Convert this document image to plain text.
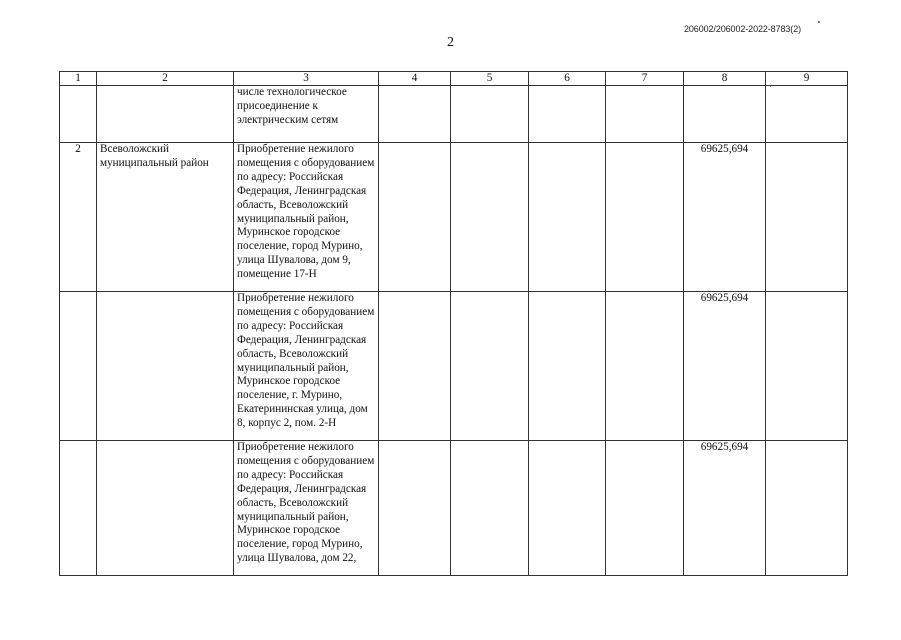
206002/206002-2022-8783(2)
2
1	2	3	4	5	6	7	8	9
		числе технологическое присоединение к электрическим сетям						
2	Всеволожский муниципальный район	Приобретение нежилого помещения с оборудованием по адресу: Российская Федерация, Ленинградская область, Всеволожский муниципальный район, Муринское городское поселение, город Мурино, улица Шувалова, дом 9, помещение 17-Н					69625,694	
		Приобретение нежилого помещения с оборудованием по адресу: Российская Федерация, Ленинградская область, Всеволожский муниципальный район, Муринское городское поселение, г. Мурино, Екатерининская улица, дом 8, корпус 2, пом. 2-Н					69625,694	
		Приобретение нежилого помещения с оборудованием по адресу: Российская Федерация, Ленинградская область, Всеволожский муниципальный район, Муринское городское поселение, город Мурино, улица Шувалова, дом 22,					69625,694	
